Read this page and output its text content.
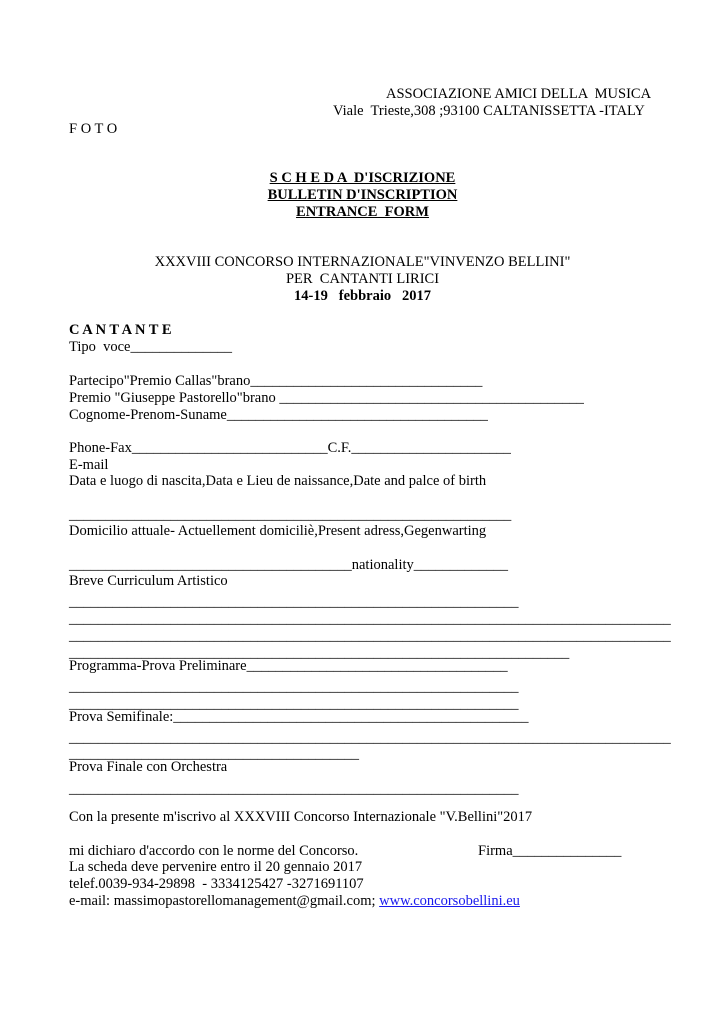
ASSOCIAZIONE AMICI DELLA  MUSICA
Viale  Trieste,308 ;93100 CALTANISSETTA -ITALY
F O T O
S C H E D A  D'ISCRIZIONE
BULLETIN D'INSCRIPTION
ENTRANCE  FORM
XXXVIII CONCORSO INTERNAZIONALE"VINVENZO BELLINI"
PER  CANTANTI LIRICI
14-19   febbraio   2017
C A N T A N T E
Tipo  voce______________
Partecipo"Premio Callas"brano________________________________
Premio "Giuseppe Pastorello"brano __________________________________________
Cognome-Prenom-Suname____________________________________
Phone-Fax___________________________C.F.______________________
E-mail
Data e luogo di nascita,Data e Lieu de naissance,Date and palce of birth
_____________________________________________________________
Domicilio attuale- Actuellement domiciliè,Present adress,Gegenwarting
_______________________________________nationality_____________
Breve Curriculum Artistico
______________________________________________________________
___________________________________________________________________________________
___________________________________________________________________________________
_____________________________________________________________________
Programma-Prova Preliminare____________________________________
______________________________________________________________
______________________________________________________________
Prova Semifinale:_________________________________________________
___________________________________________________________________________________
________________________________________
Prova Finale con Orchestra
______________________________________________________________
Con la presente m'iscrivo al XXXVIII Concorso Internazionale "V.Bellini"2017
mi dichiaro d'accordo con le norme del Concorso.	Firma_______________
La scheda deve pervenire entro il 20 gennaio 2017
telef.0039-934-29898  - 3334125427 -3271691107
e-mail: massimopastorellomanagement@gmail.com; www.concorsobellini.eu
